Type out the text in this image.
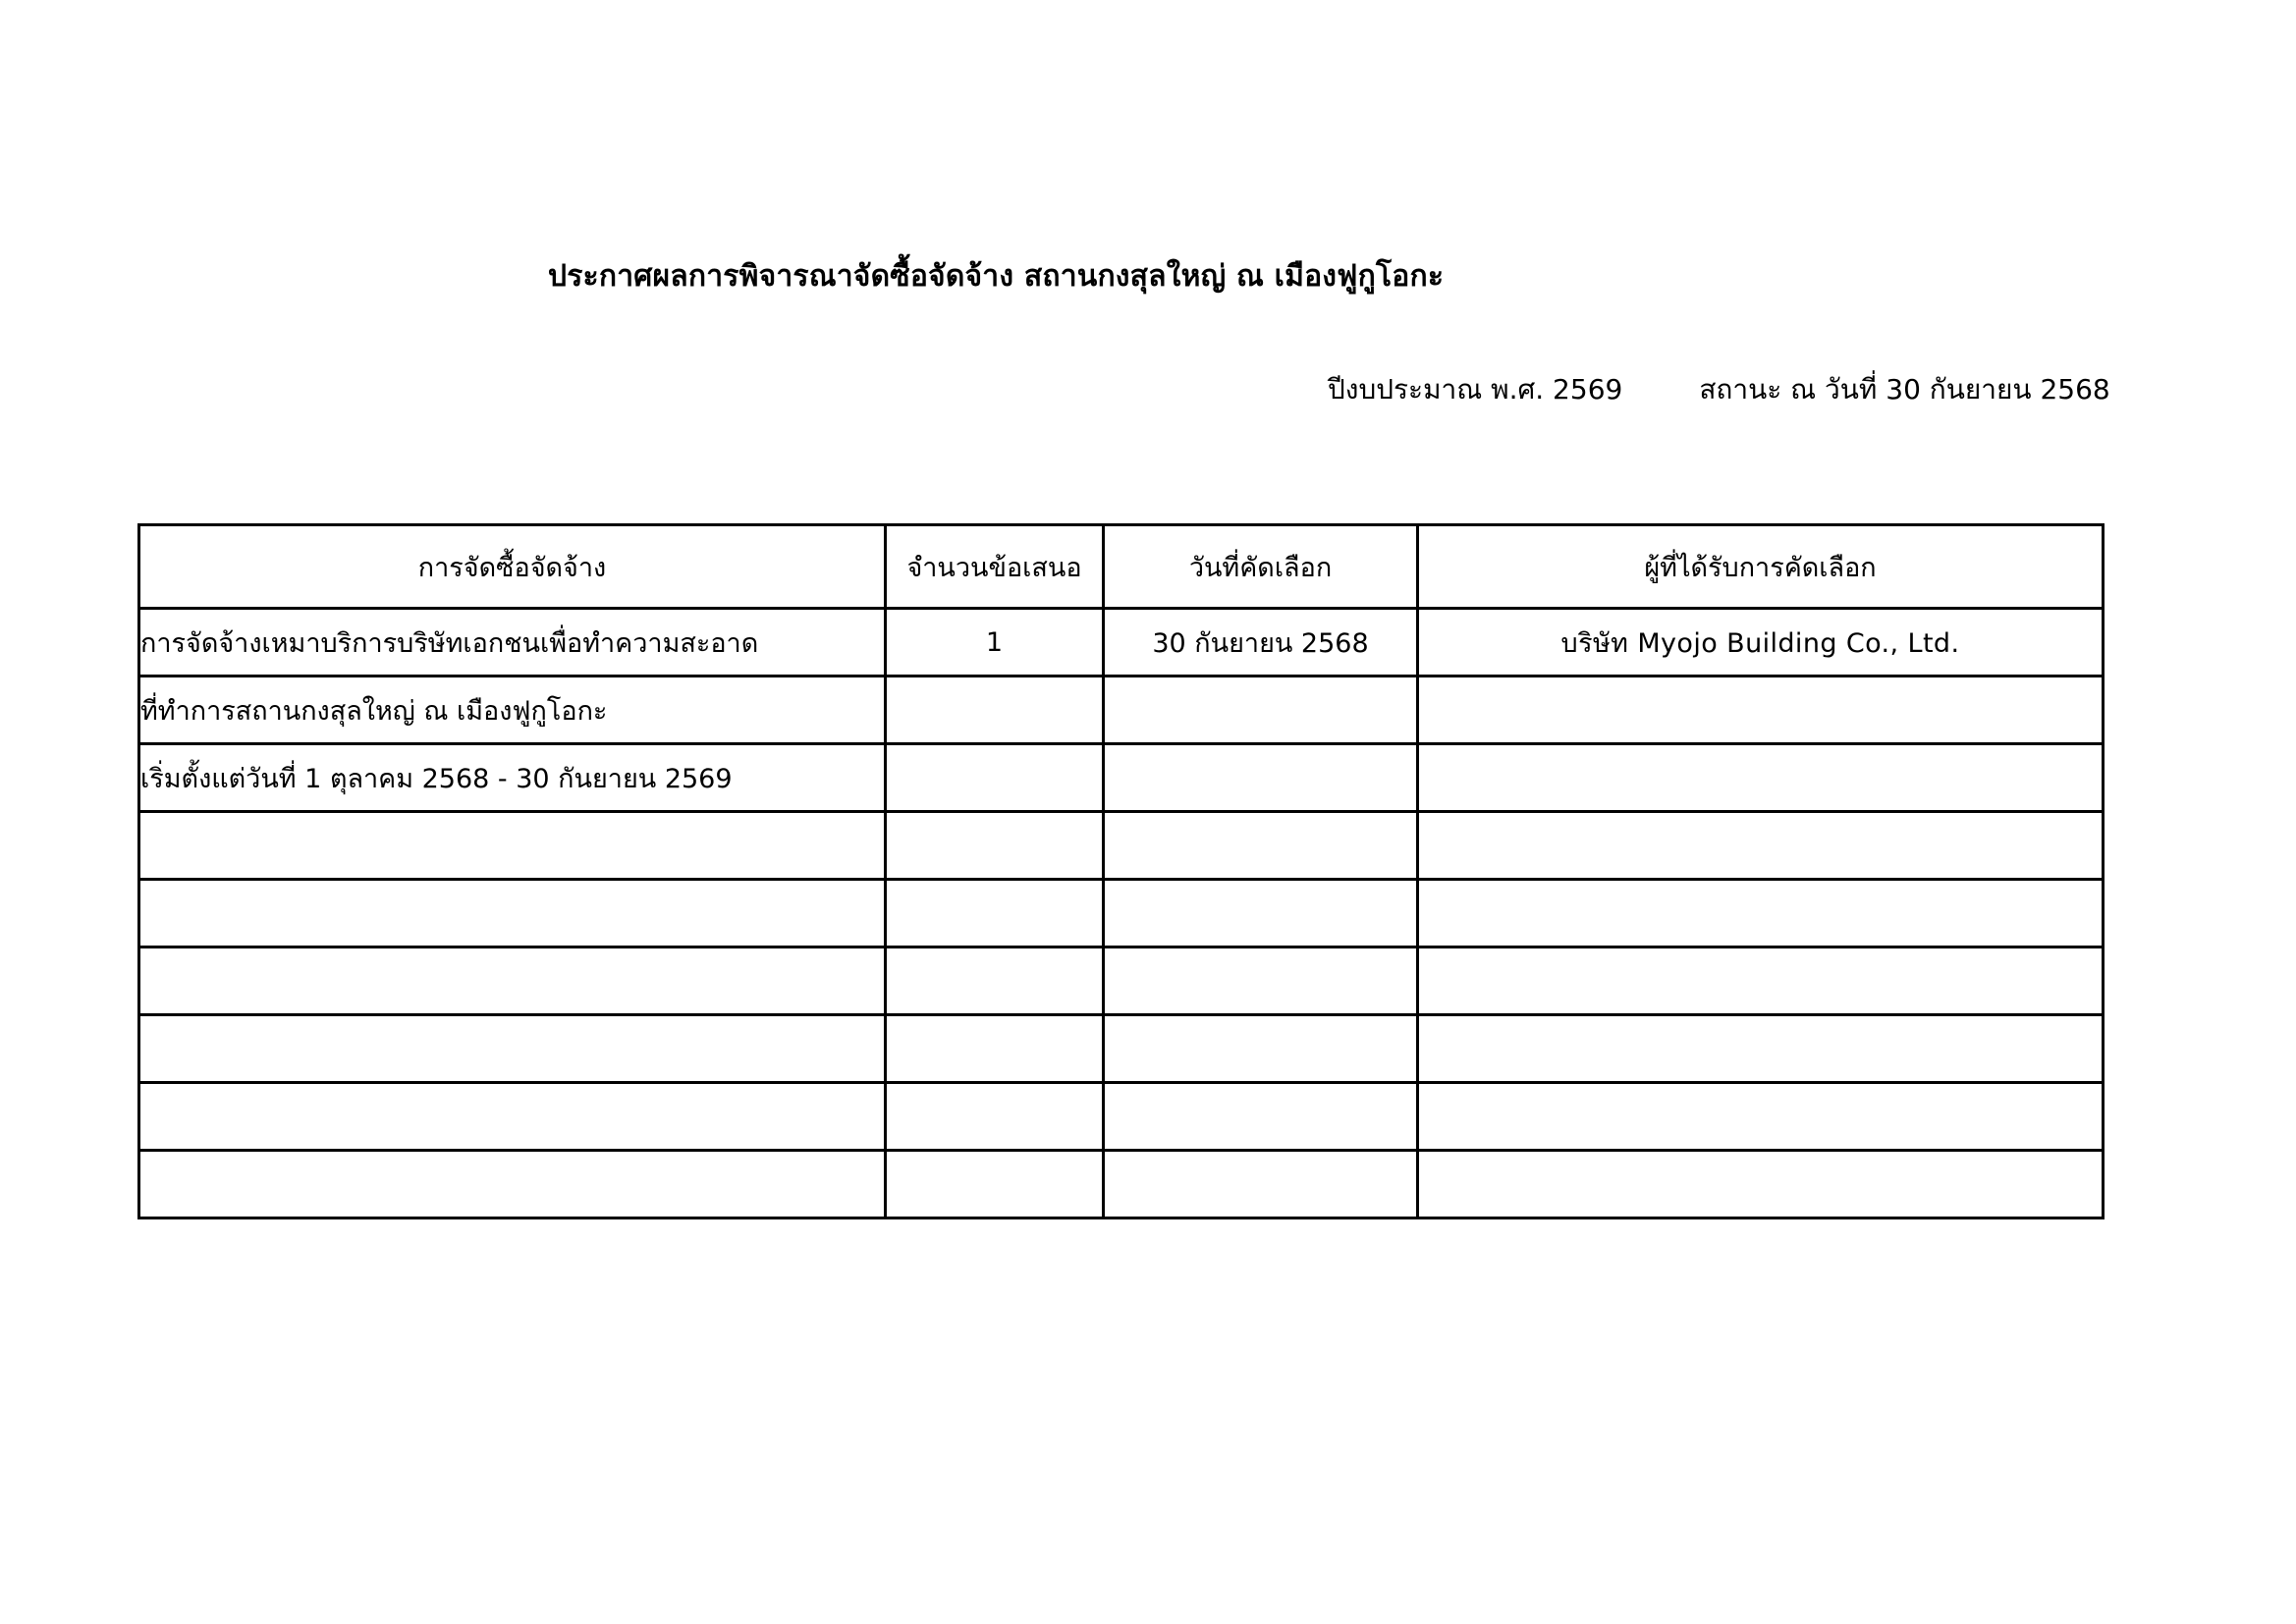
ประกาศผลการพิจารณาจัดซื้อจัดจ้าง สถานกงสุลใหญ่ ณ เมืองฟูกูโอกะ
ปีงบประมาณ พ.ศ. 2569	สถานะ ณ วันที่ 30 กันยายน 2568
การจัดซื้อจัดจ้าง	จำนวนข้อเสนอ	วันที่คัดเลือก	ผู้ที่ได้รับการคัดเลือก
การจัดจ้างเหมาบริการบริษัทเอกชนเพื่อทำความสะอาด	1	30 กันยายน 2568	บริษัท Myojo Building Co., Ltd.
ที่ทำการสถานกงสุลใหญ่ ณ เมืองฟูกูโอกะ			
เริ่มตั้งแต่วันที่ 1 ตุลาคม 2568 - 30 กันยายน 2569			
